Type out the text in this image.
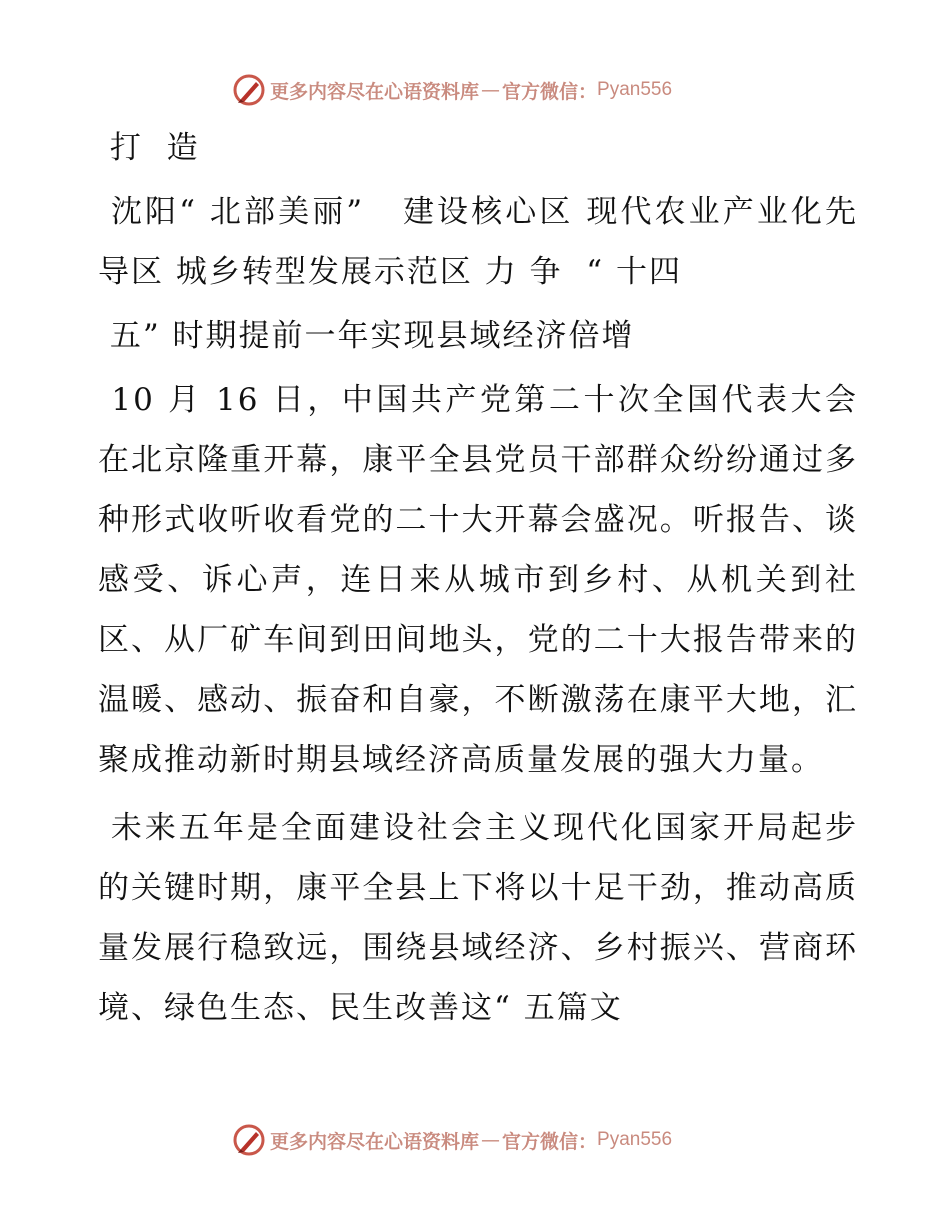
更多内容尽在心语资料库 — 官方微信： Pyan556

打  造

沈阳“ 北部美丽”   建设核心区 现代农业产业化先导区 城乡转型发展示范区 力 争  “ 十四

五” 时期提前一年实现县域经济倍增

10 月 16 日，中国共产党第二十次全国代表大会在北京隆重开幕，康平全县党员干部群众纷纷通过多种形式收听收看党的二十大开幕会盛况。听报告、谈感受、诉心声，连日来从城市到乡村、从机关到社区、从厂矿车间到田间地头，党的二十大报告带来的温暖、感动、振奋和自豪，不断激荡在康平大地，汇聚成推动新时期县域经济高质量发展的强大力量。

未来五年是全面建设社会主义现代化国家开局起步的关键时期，康平全县上下将以十足干劲，推动高质量发展行稳致远，围绕县域经济、乡村振兴、营商环境、绿色生态、民生改善这“ 五篇文

更多内容尽在心语资料库 — 官方微信： Pyan556
